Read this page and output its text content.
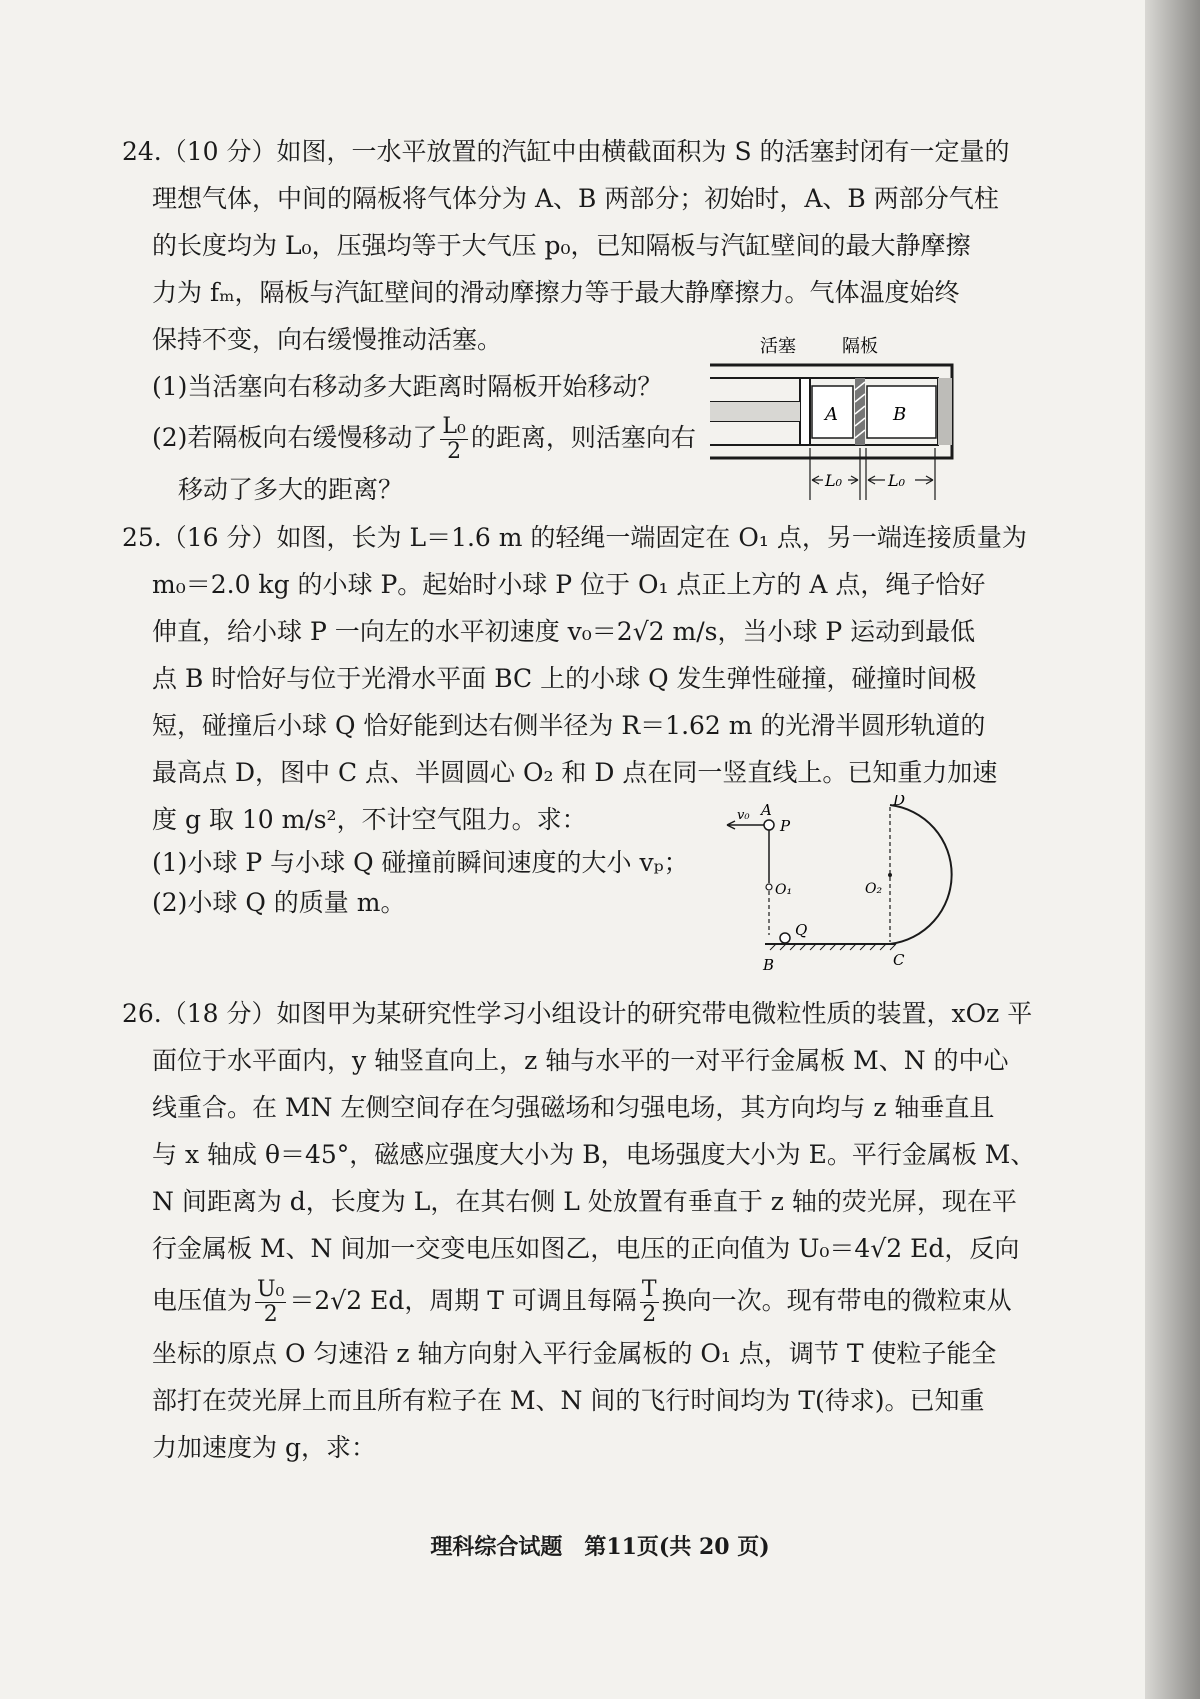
24.（10 分）如图，一水平放置的汽缸中由横截面积为 S 的活塞封闭有一定量的
理想气体，中间的隔板将气体分为 A、B 两部分；初始时，A、B 两部分气柱
的长度均为 L₀，压强均等于大气压 p₀，已知隔板与汽缸壁间的最大静摩擦
力为 fₘ，隔板与汽缸壁间的滑动摩擦力等于最大静摩擦力。气体温度始终
保持不变，向右缓慢推动活塞。
(1)当活塞向右移动多大距离时隔板开始移动？
(2)若隔板向右缓慢移动了 $\frac{\text{L₀}}{2}$ 的距离，则活塞向右
移动了多大的距离？
活塞	隔板
A	B
L₀	L₀
25.（16 分）如图，长为 L＝1.6 m 的轻绳一端固定在 O₁ 点，另一端连接质量为
m₀＝2.0 kg 的小球 P。起始时小球 P 位于 O₁ 点正上方的 A 点，绳子恰好
伸直，给小球 P 一向左的水平初速度 v₀＝2√2 m/s，当小球 P 运动到最低
点 B 时恰好与位于光滑水平面 BC 上的小球 Q 发生弹性碰撞，碰撞时间极
短，碰撞后小球 Q 恰好能到达右侧半径为 R＝1.62 m 的光滑半圆形轨道的
最高点 D，图中 C 点、半圆圆心 O₂ 和 D 点在同一竖直线上。已知重力加速
度 g 取 10 m/s²，不计空气阻力。求：
(1)小球 P 与小球 Q 碰撞前瞬间速度的大小 vₚ；
(2)小球 Q 的质量 m。
v₀ A
P
O₁
Q
B	C
D
O₂
26.（18 分）如图甲为某研究性学习小组设计的研究带电微粒性质的装置，xOz 平
面位于水平面内，y 轴竖直向上，z 轴与水平的一对平行金属板 M、N 的中心
线重合。在 MN 左侧空间存在匀强磁场和匀强电场，其方向均与 z 轴垂直且
与 x 轴成 θ＝45°，磁感应强度大小为 B，电场强度大小为 E。平行金属板 M、
N 间距离为 d，长度为 L，在其右侧 L 处放置有垂直于 z 轴的荧光屏，现在平
行金属板 M、N 间加一交变电压如图乙，电压的正向值为 U₀＝4√2 Ed，反向
电压值为 $\frac{\text{U₀}}{2} =2√2$ Ed，周期 T 可调且每隔 $\frac{T}{2}$ 换向一次。现有带电的微粒束从
坐标的原点 O 匀速沿 z 轴方向射入平行金属板的 O₁ 点，调节 T 使粒子能全
部打在荧光屏上而且所有粒子在 M、N 间的飞行时间均为 T(待求)。已知重
力加速度为 g，求：
理科综合试题　第11页(共 20 页)
